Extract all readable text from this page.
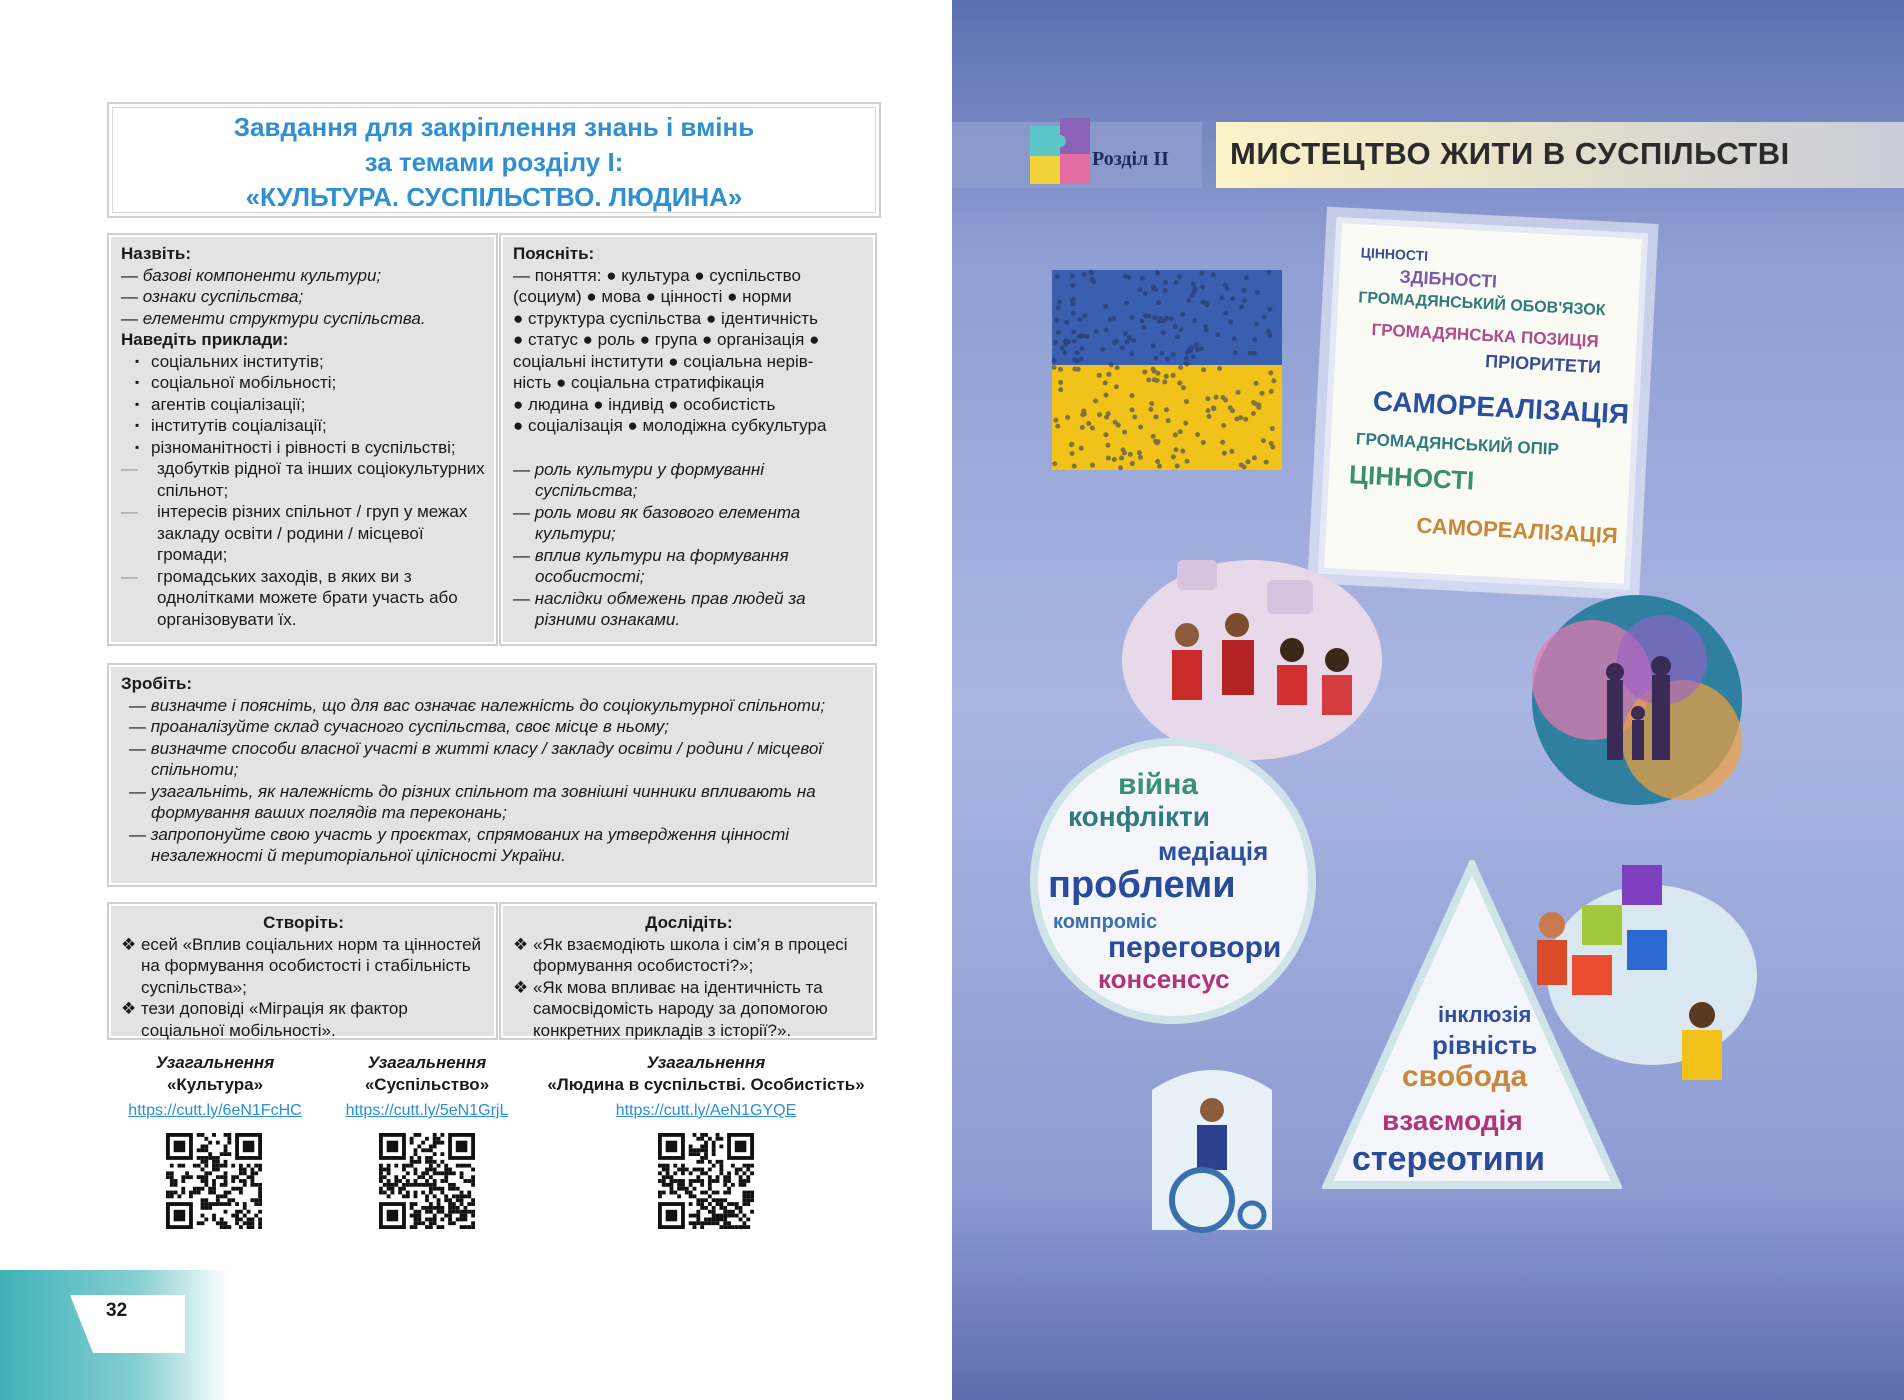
Завдання для закріплення знань і вмінь
за темами розділу I:
«КУЛЬТУРА. СУСПІЛЬСТВО. ЛЮДИНА»
Назвіть:
— базові компоненти культури;
— ознаки суспільства;
— елементи структури суспільства.
Наведіть приклади:
▪ соціальних інститутів;
▪ соціальної мобільності;
▪ агентів соціалізації;
▪ інститутів соціалізації;
▪ різноманітності і рівності в суспільстві;
— здобутків рідної та інших соціокультурних спільнот;
— інтересів різних спільнот / груп у межах закладу освіти / родини / місцевої громади;
— громадських заходів, в яких ви з однолітками можете брати участь або організовувати їх.
Поясніть:
— поняття: ● культура ● суспільство
(социум) ● мова ● цінності ● норми
● структура суспільства ● ідентичність
● статус ● роль ● група ● організація ●
соціальні інститути ● соціальна нерів-
ність ● соціальна стратифікація
● людина ● індивід ● особистість
● соціалізація ● молодіжна субкультура
— роль культури у формуванні суспільства;
— роль мови як базового елемента культури;
— вплив культури на формування особистості;
— наслідки обмежень прав людей за різними ознаками.
Зробіть:
— визначте і поясніть, що для вас означає належність до соціокультурної спільноти;
— проаналізуйте склад сучасного суспільства, своє місце в ньому;
— визначте способи власної участі в житті класу / закладу освіти / родини / місцевої спільноти;
— узагальніть, як належність до різних спільнот та зовнішні чинники впливають на формування ваших поглядів та переконань;
— запропонуйте свою участь у проєктах, спрямованих на утвердження цінності незалежності й територіальної цілісності України.
Створіть:
❖ есей «Вплив соціальних норм та цінностей на формування особистості і стабільність суспільства»;
❖ тези доповіді «Міграція як фактор соціальної мобільності».
Дослідіть:
❖ «Як взаємодіють школа і сім’я в процесі формування особистості?»;
❖ «Як мова впливає на ідентичність та самосвідомість народу за допомогою конкретних прикладів з історії?».
Узагальнення
«Культура»
https://cutt.ly/6eN1FcHC
Узагальнення
«Суспільство»
https://cutt.ly/5eN1GrjL
Узагальнення
«Людина в суспільстві. Особистість»
https://cutt.ly/AeN1GYQE
32
Розділ II МИСТЕЦТВО ЖИТИ В СУСПІЛЬСТВІ
ЦІННОСТІ
ЗДІБНОСТІ
ГРОМАДЯНСЬКИЙ ОБОВ'ЯЗОК
ГРОМАДЯНСЬКА ПОЗИЦІЯ
ПРІОРИТЕТИ
САМОРЕАЛІЗАЦІЯ
ГРОМАДЯНСЬКИЙ ОПІР
ЦІННОСТІ
САМОРЕАЛІЗАЦІЯ
війна
конфлікти
медіація
проблеми
компроміс
переговори
консенсус
інклюзія
рівність
свобода
взаємодія
стереотипи
